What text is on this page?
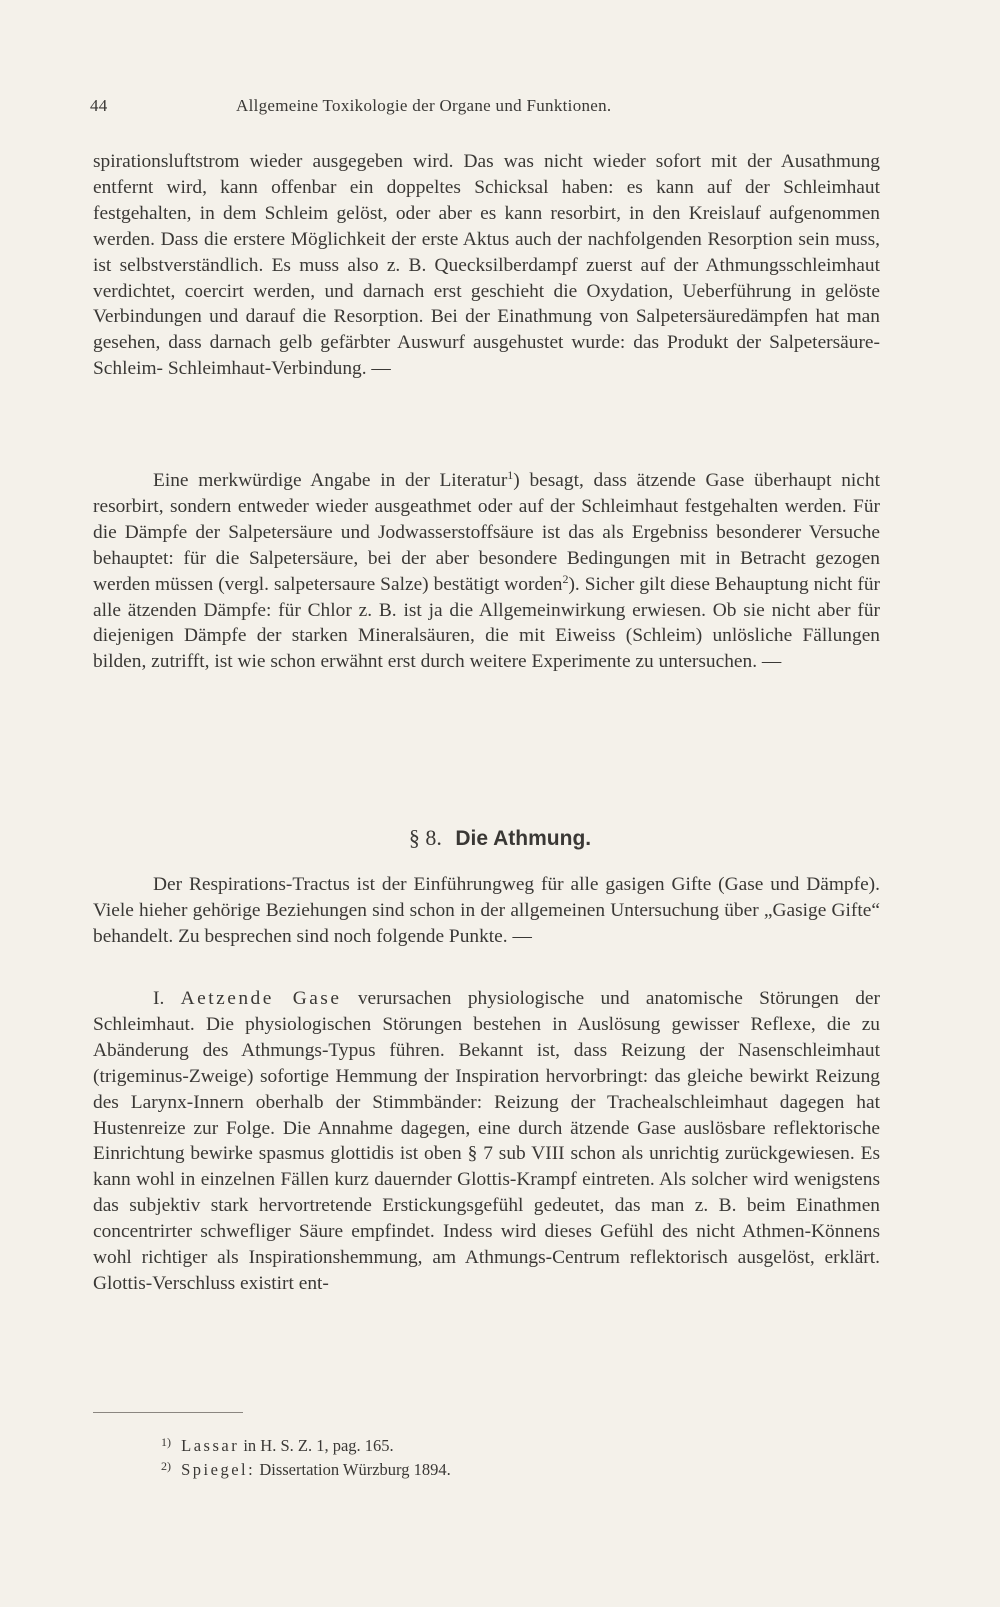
44	Allgemeine Toxikologie der Organe und Funktionen.

spirationsluftstrom wieder ausgegeben wird. Das was nicht wieder sofort mit der Ausathmung entfernt wird, kann offenbar ein doppeltes Schicksal haben: es kann auf der Schleimhaut festgehalten, in dem Schleim gelöst, oder aber es kann resorbirt, in den Kreislauf aufgenommen werden. Dass die erstere Möglichkeit der erste Aktus auch der nachfolgenden Resorption sein muss, ist selbstverständlich. Es muss also z. B. Quecksilberdampf zuerst auf der Athmungsschleimhaut verdichtet, coercirt werden, und darnach erst geschieht die Oxydation, Ueberführung in gelöste Verbindungen und darauf die Resorption. Bei der Einathmung von Salpetersäuredämpfen hat man gesehen, dass darnach gelb gefärbter Auswurf ausgehustet wurde: das Produkt der Salpetersäure- Schleim- Schleimhaut-Verbindung. —

Eine merkwürdige Angabe in der Literatur$^1$) besagt, dass ätzende Gase überhaupt nicht resorbirt, sondern entweder wieder ausgeathmet oder auf der Schleimhaut festgehalten werden. Für die Dämpfe der Salpetersäure und Jodwasserstoffsäure ist das als Ergebniss besonderer Versuche behauptet: für die Salpetersäure, bei der aber besondere Bedingungen mit in Betracht gezogen werden müssen (vergl. salpetersaure Salze) bestätigt worden$^2$). Sicher gilt diese Behauptung nicht für alle ätzenden Dämpfe: für Chlor z. B. ist ja die Allgemeinwirkung erwiesen. Ob sie nicht aber für diejenigen Dämpfe der starken Mineralsäuren, die mit Eiweiss (Schleim) unlösliche Fällungen bilden, zutrifft, ist wie schon erwähnt erst durch weitere Experimente zu untersuchen. —

§ 8. Die Athmung.

Der Respirations-Tractus ist der Einführungweg für alle gasigen Gifte (Gase und Dämpfe). Viele hieher gehörige Beziehungen sind schon in der allgemeinen Untersuchung über „Gasige Gifte“ behandelt. Zu besprechen sind noch folgende Punkte. —

I. Aetzende Gase verursachen physiologische und anatomische Störungen der Schleimhaut. Die physiologischen Störungen bestehen in Auslösung gewisser Reflexe, die zu Abänderung des Athmungs-Typus führen. Bekannt ist, dass Reizung der Nasenschleimhaut (trigeminus-Zweige) sofortige Hemmung der Inspiration hervorbringt: das gleiche bewirkt Reizung des Larynx-Innern oberhalb der Stimmbänder: Reizung der Trachealschleimhaut dagegen hat Hustenreize zur Folge. Die Annahme dagegen, eine durch ätzende Gase auslösbare reflektorische Einrichtung bewirke spasmus glottidis ist oben § 7 sub VIII schon als unrichtig zurückgewiesen. Es kann wohl in einzelnen Fällen kurz dauernder Glottis-Krampf eintreten. Als solcher wird wenigstens das subjektiv stark hervortretende Erstickungsgefühl gedeutet, das man z. B. beim Einathmen concentrirter schwefliger Säure empfindet. Indess wird dieses Gefühl des nicht Athmen-Könnens wohl richtiger als Inspirationshemmung, am Athmungs-Centrum reflektorisch ausgelöst, erklärt. Glottis-Verschluss existirt ent-

1) Lassar in H. S. Z. 1, pag. 165.
2) Spiegel: Dissertation Würzburg 1894.
